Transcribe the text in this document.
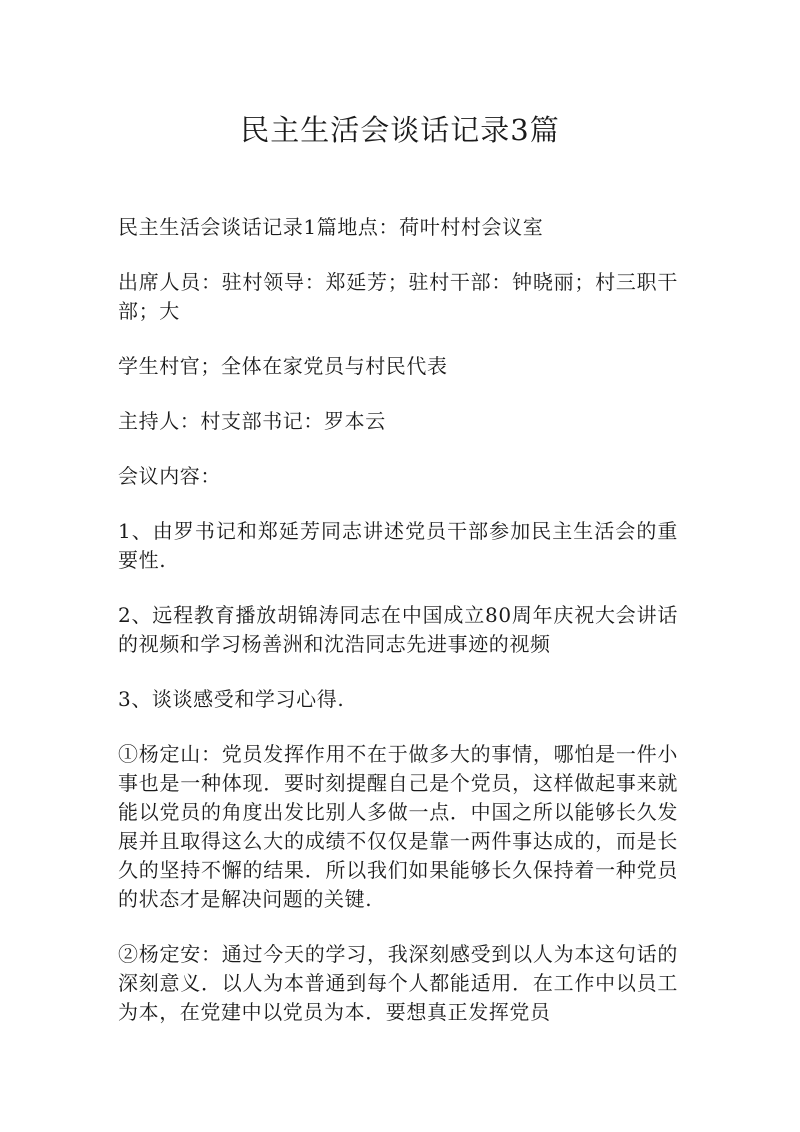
民主生活会谈话记录3篇

民主生活会谈话记录1篇地点：荷叶村村会议室

出席人员：驻村领导：郑延芳；驻村干部：钟晓丽；村三职干部；大

学生村官；全体在家党员与村民代表

主持人：村支部书记：罗本云

会议内容：

1、由罗书记和郑延芳同志讲述党员干部参加民主生活会的重要性.

2、远程教育播放胡锦涛同志在中国成立80周年庆祝大会讲话的视频和学习杨善洲和沈浩同志先进事迹的视频

3、谈谈感受和学习心得.

①杨定山：党员发挥作用不在于做多大的事情，哪怕是一件小事也是一种体现．要时刻提醒自己是个党员，这样做起事来就能以党员的角度出发比别人多做一点．中国之所以能够长久发展并且取得这么大的成绩不仅仅是靠一两件事达成的，而是长久的坚持不懈的结果．所以我们如果能够长久保持着一种党员的状态才是解决问题的关键.

②杨定安：通过今天的学习，我深刻感受到以人为本这句话的深刻意义．以人为本普通到每个人都能适用．在工作中以员工为本，在党建中以党员为本．要想真正发挥党员
